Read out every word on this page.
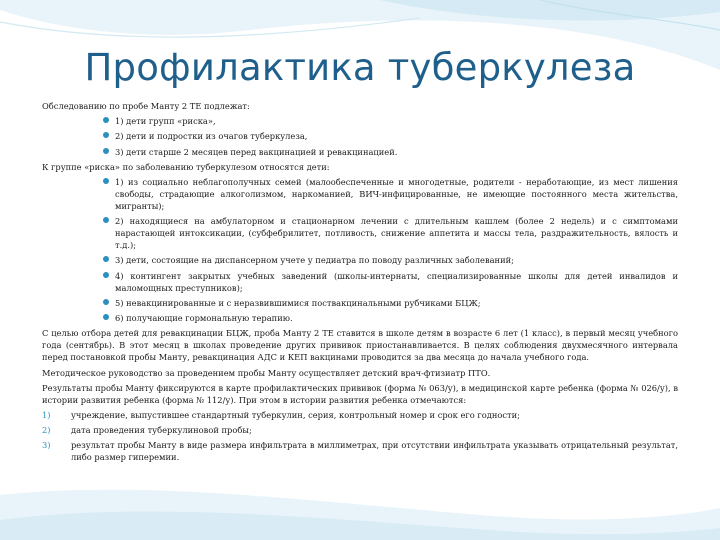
Профилактика туберкулеза

Обследованию по пробе Манту 2 ТЕ подлежат:

1) дети групп «риска»,
2) дети и подростки из очагов туберкулеза,
3) дети старше 2 месяцев перед вакцинацией и ревакцинацией.

К группе «риска» по заболеванию туберкулезом относятся дети:

1) из социально неблагополучных семей (малообеспеченные и многодетные, родители - неработающие, из мест лишения свободы, страдающие алкоголизмом, наркоманией, ВИЧ-инфицированные, не имеющие постоянного места жительства, мигранты);
2) находящиеся на амбулаторном и стационарном лечении с длительным кашлем (более 2 недель) и с симптомами нарастающей интоксикации, (субфебрилитет, потливость, снижение аппетита и массы тела, раздражительность, вялость и т.д.);
3) дети, состоящие на диспансерном учете у педиатра по поводу различных заболеваний;
4) контингент закрытых учебных заведений (школы-интернаты, специализированные школы для детей инвалидов и маломощных преступников);
5) невакцинированные и с неразвившимися поствакцинальными рубчиками БЦЖ;
6) получающие гормональную терапию.

С целью отбора детей для ревакцинации БЦЖ, проба Манту 2 ТЕ ставится в школе детям в возрасте 6 лет (1 класс), в первый месяц учебного года (сентябрь). В этот месяц в школах проведение других прививок приостанавливается. В целях соблюдения двухмесячного интервала перед постановкой пробы Манту, ревакцинация АДС и КЕП вакцинами проводится за два месяца до начала учебного года.

Методическое руководство за проведением пробы Манту осуществляет детский врач-фтизиатр ПТО.

Результаты пробы Манту фиксируются в карте профилактических прививок (форма № 063/у), в медицинской карте ребенка (форма № 026/у), в истории развития ребенка (форма № 112/у). При этом в истории развития ребенка отмечаются:

1) учреждение, выпустившее стандартный туберкулин, серия, контрольный номер и срок его годности;
2) дата проведения туберкулиновой пробы;
3) результат пробы Манту в виде размера инфильтрата в миллиметрах, при отсутствии инфильтрата указывать отрицательный результат, либо размер гиперемии.
